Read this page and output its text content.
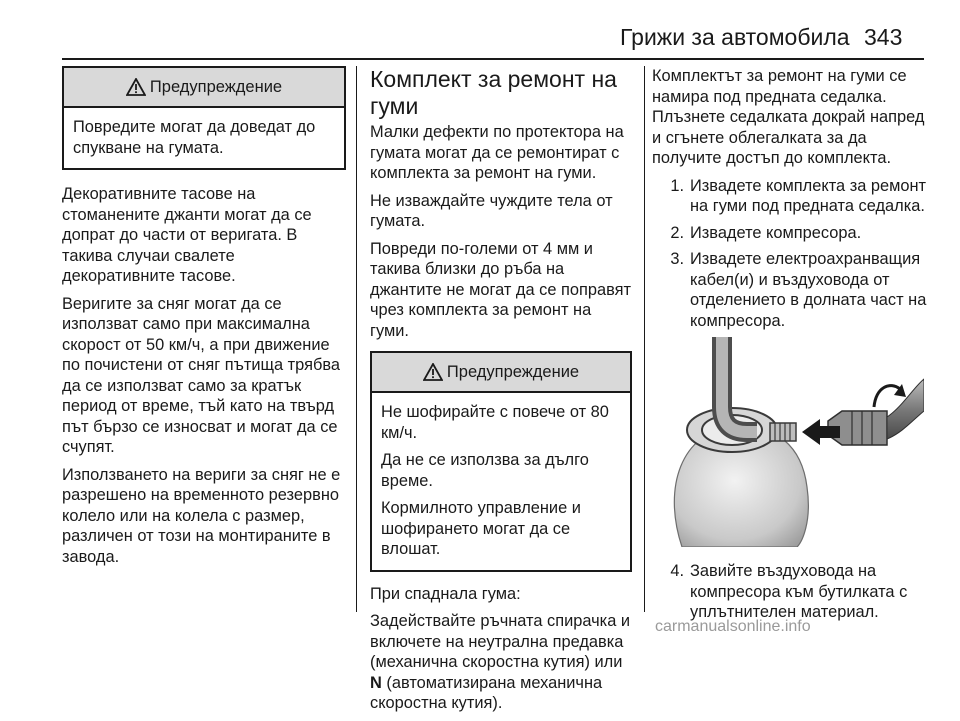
Грижи за автомобила 343
Предупреждение

Повредите могат да доведат до спукване на гумата.

Декоративните тасове на стоманените джанти могат да се допрат до части от веригата. В такива случаи свалете декоративните тасове.

Веригите за сняг могат да се използват само при максимална скорост от 50 км/ч, а при движение по почистени от сняг пътища трябва да се използват само за кратък период от време, тъй като на твърд път бързо се износват и могат да се счупят.

Използването на вериги за сняг не е разрешено на временното резервно колело или на колела с размер, различен от този на монтираните в завода.

Комплект за ремонт на гуми

Малки дефекти по протектора на гумата могат да се ремонтират с комплекта за ремонт на гуми.

Не изваждайте чуждите тела от гумата.

Повреди по-големи от 4 мм и такива близки до ръба на джантите не могат да се поправят чрез комплекта за ремонт на гуми.

Предупреждение

Не шофирайте с повече от 80 км/ч.

Да не се използва за дълго време.

Кормилното управление и шофирането могат да се влошат.

При спаднала гума:

Задействайте ръчната спирачка и включете на неутрална предавка (механична скоростна кутия) или N (автоматизирана механична скоростна кутия).

Комплектът за ремонт на гуми се намира под предната седалка. Плъзнете седалката докрай напред и сгънете облегалката за да получите достъп до комплекта.

1. Извадете комплекта за ремонт на гуми под предната седалка.
2. Извадете компресора.
3. Извадете електроахранващия кабел(и) и въздуховода от отделението в долната част на компресора.
4. Завийте въздуховода на компресора към бутилката с уплътнителен материал.
carmanualsonline.info
